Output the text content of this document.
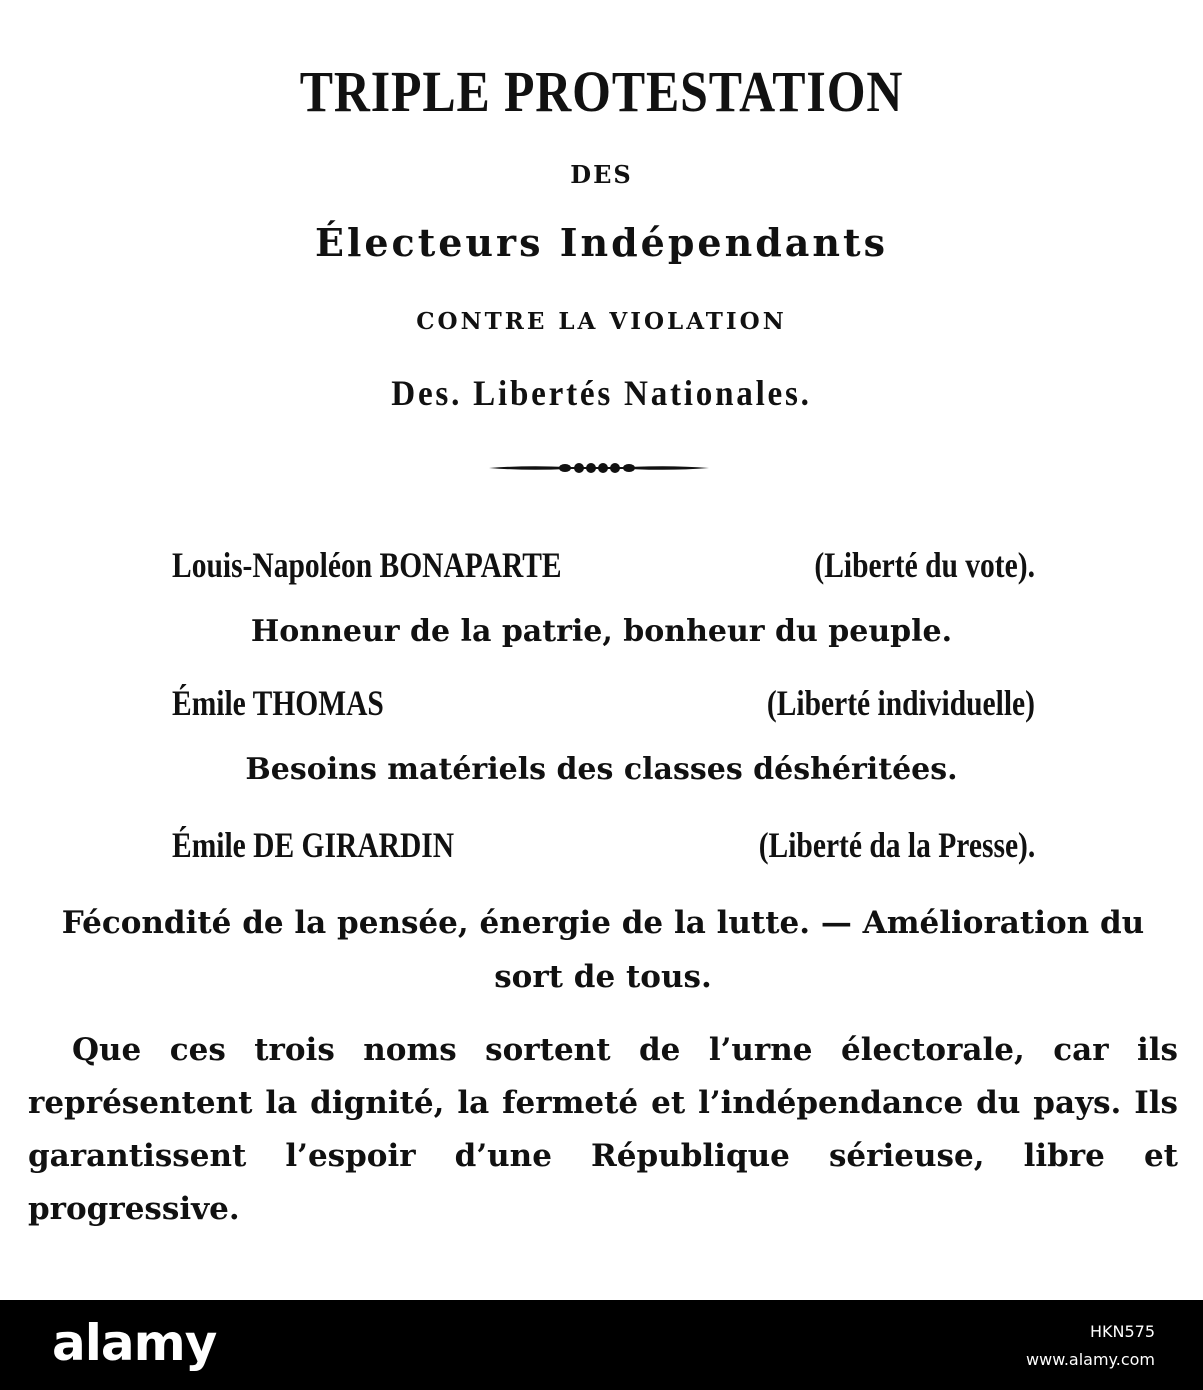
TRIPLE PROTESTATION
DES
Électeurs Indépendants
CONTRE LA VIOLATION
Des. Libertés Nationales.
Louis-Napoléon BONAPARTE	(Liberté du vote).
Honneur de la patrie, bonheur du peuple.
Émile THOMAS	(Liberté individuelle)
Besoins matériels des classes déshéritées.
Émile DE GIRARDIN	(Liberté da la Presse).
Fécondité de la pensée, énergie de la lutte. — Amélioration du sort de tous.
Que ces trois noms sortent de l’urne électorale, car ils représentent la dignité, la fermeté et l’indépendance du pays. Ils garantissent l’espoir d’une République sérieuse, libre et progressive.
alamy	HKN575
www.alamy.com
